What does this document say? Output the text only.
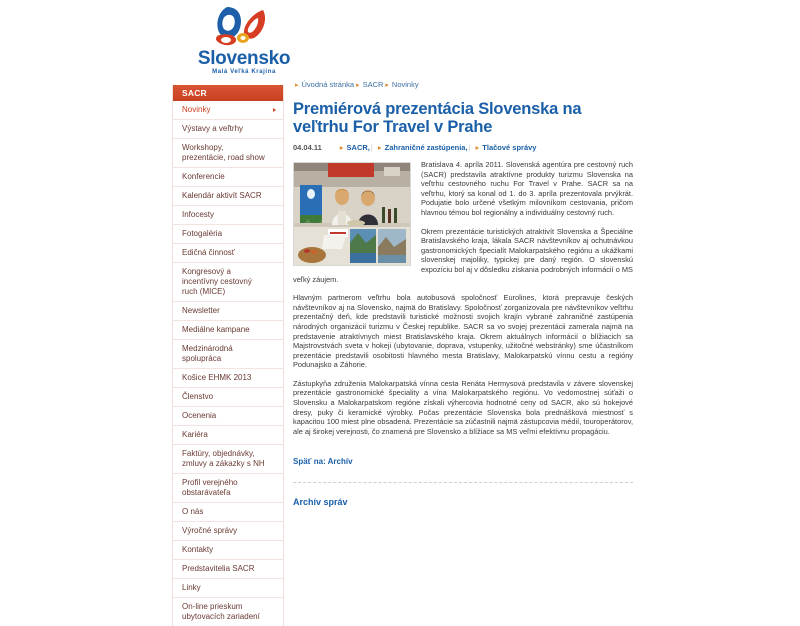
Slovensko
Malá Veľká Krajina
SACR
Novinky
Výstavy a veľtrhy
Workshopy, prezentácie, road show
Konferencie
Kalendár aktivít SACR
Infocesty
Fotogaléria
Edičná činnosť
Kongresový a incentívny cestovný ruch (MICE)
Newsletter
Mediálne kampane
Medzinárodná spolupráca
Košice EHMK 2013
Členstvo
Ocenenia
Kariéra
Faktúry, objednávky, zmluvy a zákazky s NH
Profil verejného obstarávateľa
O nás
Výročné správy
Kontakty
Predstavitelia SACR
Linky
On-line prieskum ubytovacích zariadení
▸ Úvodná stránka ▸ SACR ▸ Novinky
Premiérová prezentácia Slovenska na veľtrhu For Travel v Prahe
04.04.11 ▸ SACR,| ▸ Zahraničné zastúpenia,| ▸ Tlačové správy

Bratislava 4. apríla 2011. Slovenská agentúra pre cestovný ruch (SACR) predstavila atraktívne produkty turizmu Slovenska na veľtrhu cestovného ruchu For Travel v Prahe. SACR sa na veľtrhu, ktorý sa konal od 1. do 3. apríla prezentovala prvýkrát. Podujatie bolo určené všetkým milovníkom cestovania, pričom hlavnou témou bol regionálny a individuálny cestovný ruch.

Okrem prezentácie turistických atraktivít Slovenska a Špeciálne Bratislavského kraja, lákala SACR návštevníkov aj ochutnávkou gastronomických špecialít Malokarpatského regiónu a ukážkami slovenskej majoliky, typickej pre daný región. O slovenskú expozíciu bol aj v dôsledku získania podrobných informácií o MS veľký záujem.

Hlavným partnerom veľtrhu bola autobusová spoločnosť Eurolines, ktorá prepravuje českých návštevníkov aj na Slovensko, najmä do Bratislavy. Spoločnosť zorganizovala pre návštevníkov veľtrhu prezentačný deň, kde predstavili turistické možnosti svojich krajín vybrané zahraničné zastúpenia národných organizácií turizmu v Českej republike. SACR sa vo svojej prezentácii zamerala najmä na predstavenie atraktívnych miest Bratislavského kraja. Okrem aktuálnych informácií o blížiacich sa Majstrovstvách sveta v hokeji (ubytovanie, doprava, vstupenky, užitočné webstránky) sme účastníkom prezentácie predstavili osobitosti hlavného mesta Bratislavy, Malokarpatskú vínnu cestu a regióny Podunajsko a Záhorie.

Zástupkyňa združenia Malokarpatská vínna cesta Renáta Hermysová predstavila v závere slovenskej prezentácie gastronomické špeciality a vína Malokarpatského regiónu. Vo vedomostnej súťaži o Slovensku a Malokarpatskom regióne získali výhercovia hodnotné ceny od SACR, ako sú hokejové dresy, puky či keramické výrobky. Počas prezentácie Slovenska bola prednášková miestnosť s kapacitou 100 miest plne obsadená. Prezentácie sa zúčastnili najmä zástupcovia médií, touroperátorov, ale aj širokej verejnosti, čo znamená pre Slovensko a blížiace sa MS veľmi efektívnu propagáciu.

Späť na: Archív
Archív správ
